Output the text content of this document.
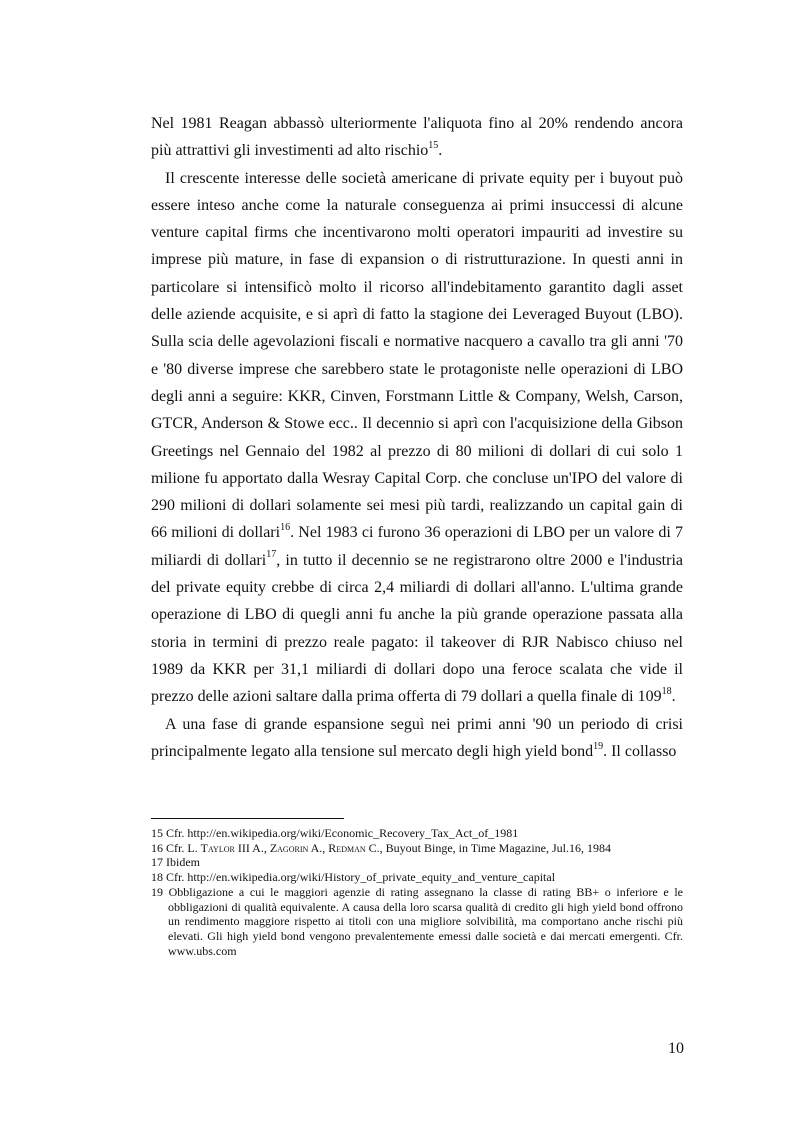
Nel 1981 Reagan abbassò ulteriormente l'aliquota fino al 20% rendendo ancora più attrattivi gli investimenti ad alto rischio$^{15}$.

Il crescente interesse delle società americane di private equity per i buyout può essere inteso anche come la naturale conseguenza ai primi insuccessi di alcune venture capital firms che incentivarono molti operatori impauriti ad investire su imprese più mature, in fase di expansion o di ristrutturazione. In questi anni in particolare si intensificò molto il ricorso all'indebitamento garantito dagli asset delle aziende acquisite, e si aprì di fatto la stagione dei Leveraged Buyout (LBO). Sulla scia delle agevolazioni fiscali e normative nacquero a cavallo tra gli anni '70 e '80 diverse imprese che sarebbero state le protagoniste nelle operazioni di LBO degli anni a seguire: KKR, Cinven, Forstmann Little & Company, Welsh, Carson, GTCR, Anderson & Stowe ecc.. Il decennio si aprì con l'acquisizione della Gibson Greetings nel Gennaio del 1982 al prezzo di 80 milioni di dollari di cui solo 1 milione fu apportato dalla Wesray Capital Corp. che concluse un'IPO del valore di 290 milioni di dollari solamente sei mesi più tardi, realizzando un capital gain di 66 milioni di dollari$^{16}$. Nel 1983 ci furono 36 operazioni di LBO per un valore di 7 miliardi di dollari$^{17}$, in tutto il decennio se ne registrarono oltre 2000 e l'industria del private equity crebbe di circa 2,4 miliardi di dollari all'anno. L'ultima grande operazione di LBO di quegli anni fu anche la più grande operazione passata alla storia in termini di prezzo reale pagato: il takeover di RJR Nabisco chiuso nel 1989 da KKR per 31,1 miliardi di dollari dopo una feroce scalata che vide il prezzo delle azioni saltare dalla prima offerta di 79 dollari a quella finale di $109^{18}$.

A una fase di grande espansione seguì nei primi anni '90 un periodo di crisi principalmente legato alla tensione sul mercato degli high yield bond$^{19}$. Il collasso

15 Cfr. http://en.wikipedia.org/wiki/Economic_Recovery_Tax_Act_of_1981

16 Cfr. L. Taylor III A., Zagorin A., Redman C., Buyout Binge, in Time Magazine, Jul.16, 1984

17 Ibidem

18 Cfr. http://en.wikipedia.org/wiki/History_of_private_equity_and_venture_capital

19 Obbligazione a cui le maggiori agenzie di rating assegnano la classe di rating BB+ o inferiore e le obbligazioni di qualità equivalente. A causa della loro scarsa qualità di credito gli high yield bond offrono un rendimento maggiore rispetto ai titoli con una migliore solvibilità, ma comportano anche rischi più elevati. Gli high yield bond vengono prevalentemente emessi dalle società e dai mercati emergenti. Cfr. www.ubs.com

10
